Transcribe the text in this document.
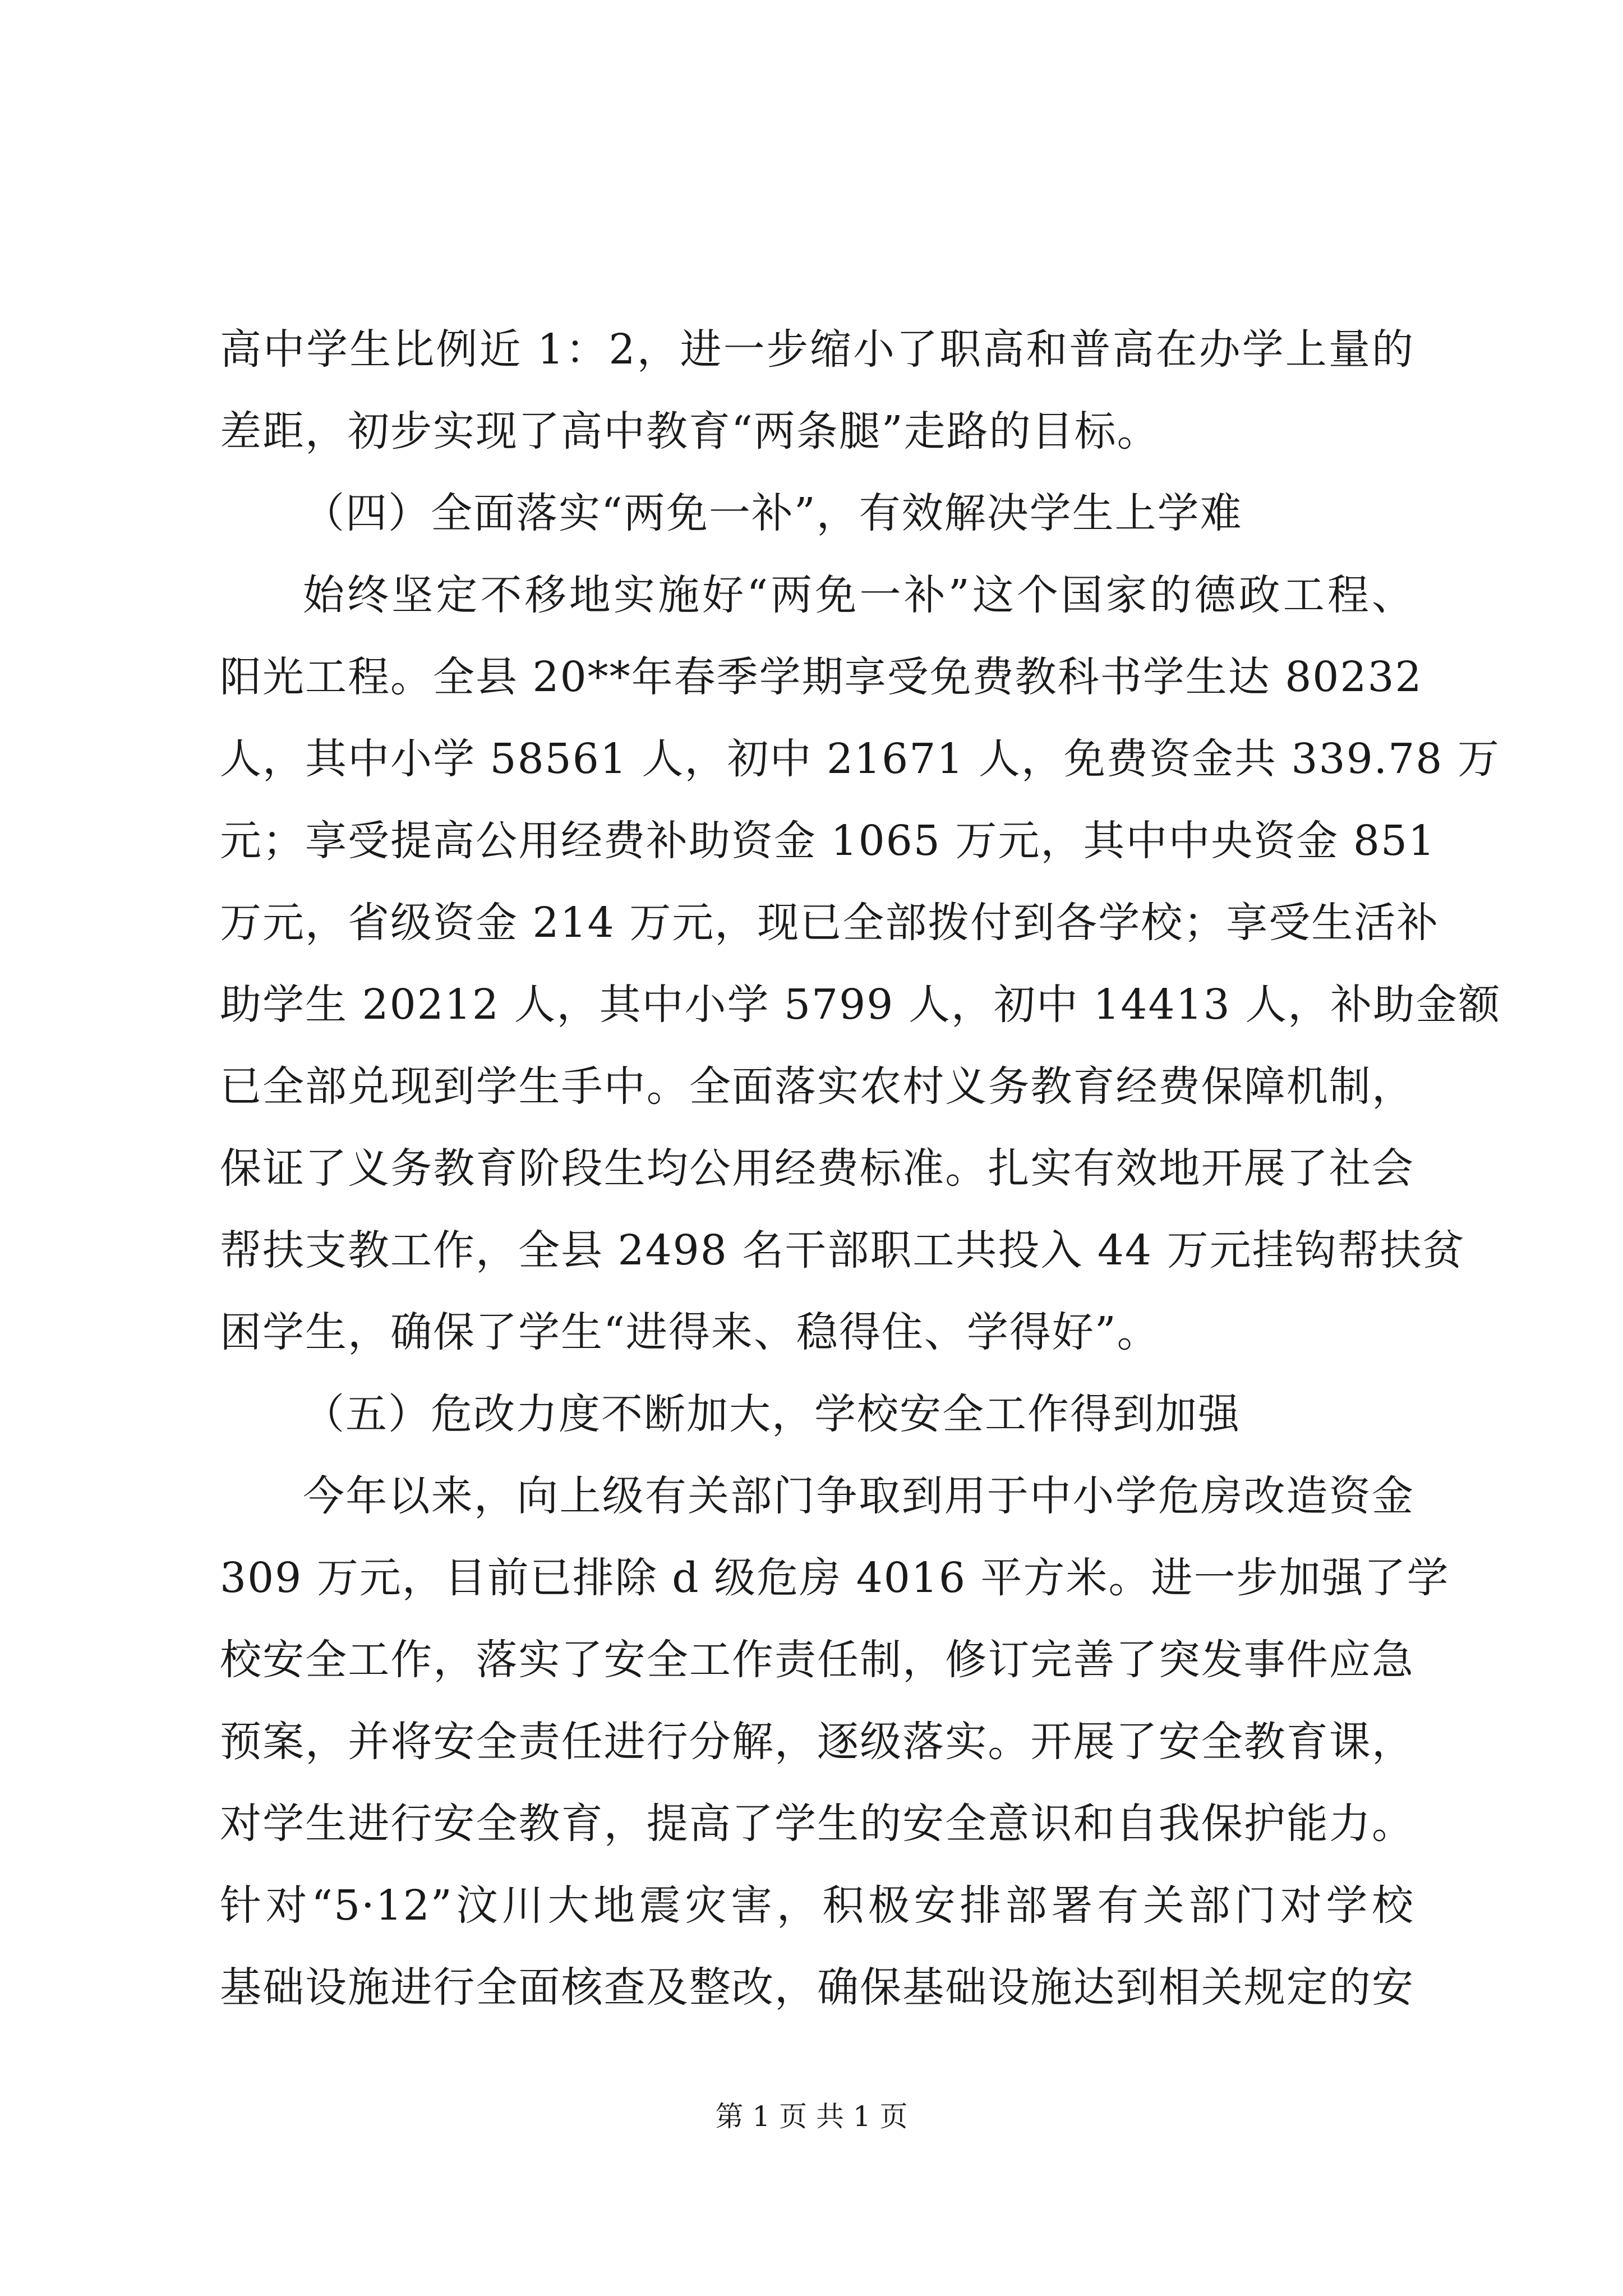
高中学生比例近 1：2，进一步缩小了职高和普高在办学上量的
差距，初步实现了高中教育“两条腿”走路的目标。
（四）全面落实“两免一补”，有效解决学生上学难
始终坚定不移地实施好“两免一补”这个国家的德政工程、
阳光工程。全县 20**年春季学期享受免费教科书学生达 80232
人，其中小学 58561 人，初中 21671 人，免费资金共 339.78 万
元；享受提高公用经费补助资金 1065 万元，其中中央资金 851
万元，省级资金 214 万元，现已全部拨付到各学校；享受生活补
助学生 20212 人，其中小学 5799 人，初中 14413 人，补助金额
已全部兑现到学生手中。全面落实农村义务教育经费保障机制，
保证了义务教育阶段生均公用经费标准。扎实有效地开展了社会
帮扶支教工作，全县 2498 名干部职工共投入 44 万元挂钩帮扶贫
困学生，确保了学生“进得来、稳得住、学得好”。
（五）危改力度不断加大，学校安全工作得到加强
今年以来，向上级有关部门争取到用于中小学危房改造资金
309 万元，目前已排除 d 级危房 4016 平方米。进一步加强了学
校安全工作，落实了安全工作责任制，修订完善了突发事件应急
预案，并将安全责任进行分解，逐级落实。开展了安全教育课，
对学生进行安全教育，提高了学生的安全意识和自我保护能力。
针对“5·12”汶川大地震灾害，积极安排部署有关部门对学校
基础设施进行全面核查及整改，确保基础设施达到相关规定的安
第 1 页 共 1 页
